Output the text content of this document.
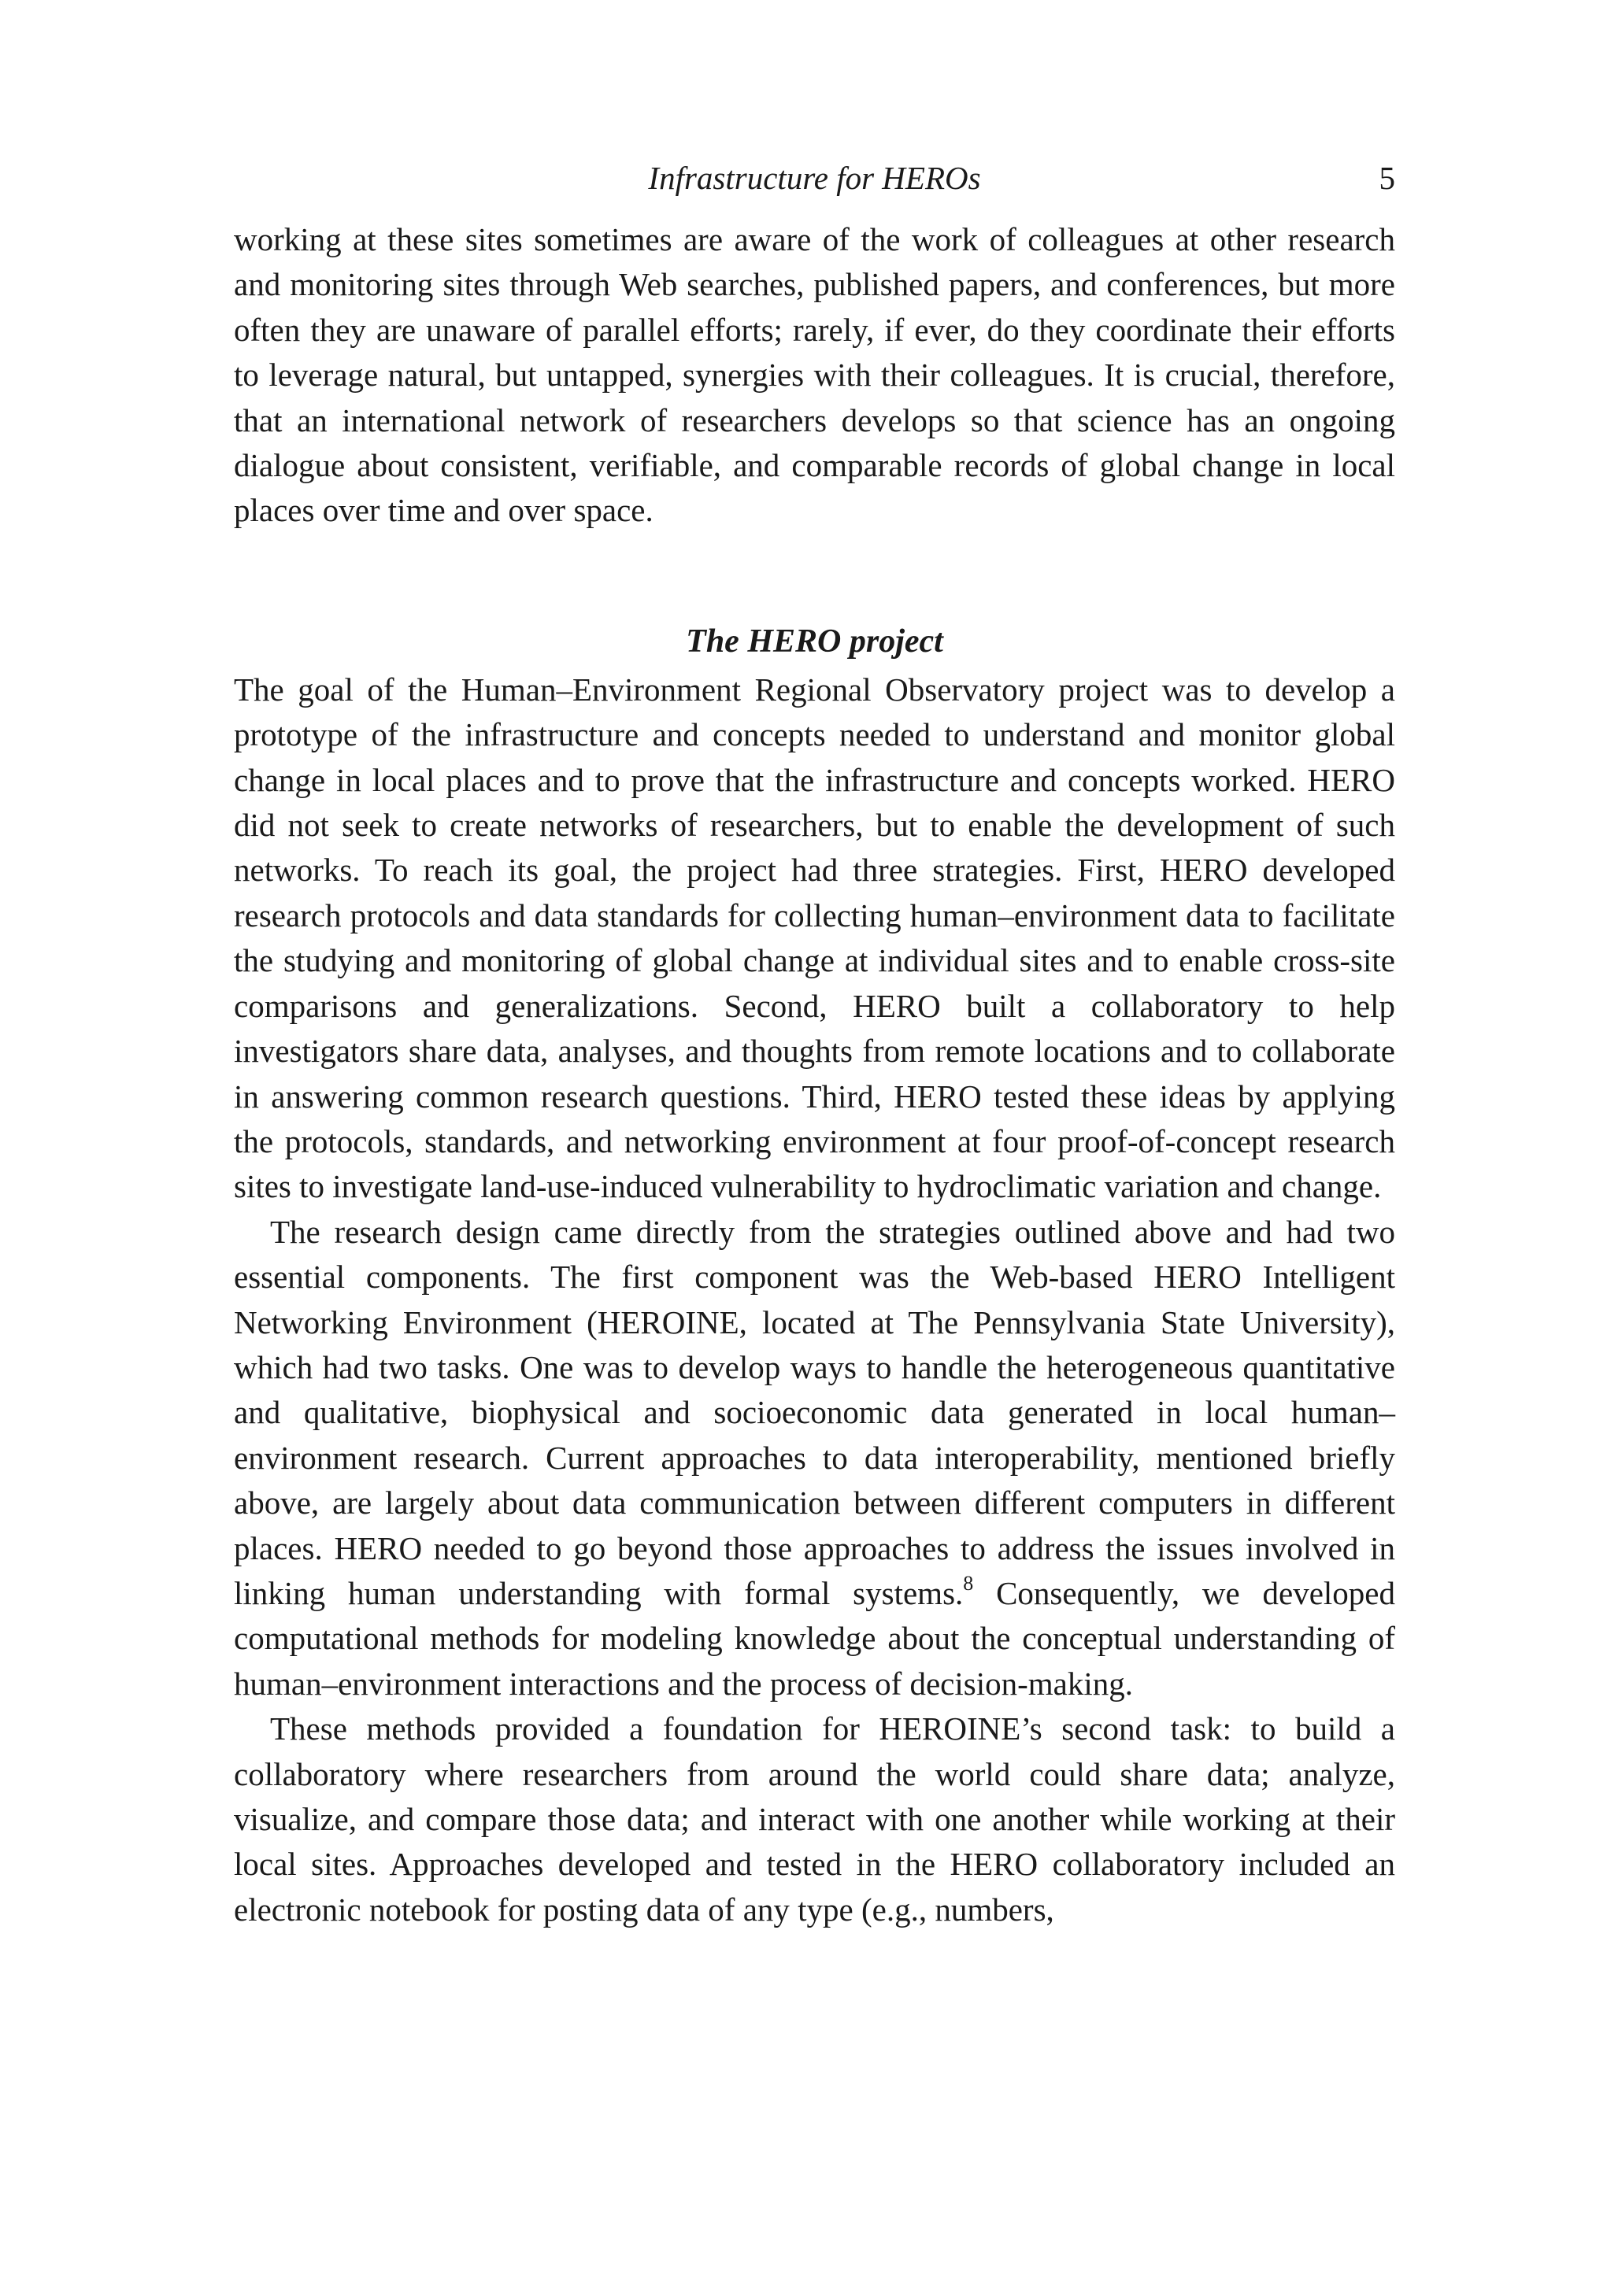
Infrastructure for HEROs	5

working at these sites sometimes are aware of the work of colleagues at other research and monitoring sites through Web searches, published papers, and conferences, but more often they are unaware of parallel efforts; rarely, if ever, do they coordinate their efforts to leverage natural, but untapped, synergies with their colleagues. It is crucial, therefore, that an international network of researchers develops so that science has an ongoing dialogue about consistent, verifiable, and comparable records of global change in local places over time and over space.

The HERO project

The goal of the Human–Environment Regional Observatory project was to develop a prototype of the infrastructure and concepts needed to understand and monitor global change in local places and to prove that the infrastructure and concepts worked. HERO did not seek to create networks of researchers, but to enable the development of such networks. To reach its goal, the project had three strategies. First, HERO developed research protocols and data standards for collecting human–environment data to facilitate the studying and monitoring of global change at individual sites and to enable cross-site comparisons and generalizations. Second, HERO built a collaboratory to help investigators share data, analyses, and thoughts from remote locations and to collaborate in answering common research questions. Third, HERO tested these ideas by applying the protocols, standards, and networking environment at four proof-of-concept research sites to investigate land-use-induced vulnerability to hydroclimatic variation and change.

The research design came directly from the strategies outlined above and had two essential components. The first component was the Web-based HERO Intelligent Networking Environment (HEROINE, located at The Pennsylvania State University), which had two tasks. One was to develop ways to handle the heterogeneous quantitative and qualitative, biophysical and socioeconomic data generated in local human–environment research. Current approaches to data interoperability, mentioned briefly above, are largely about data communication between different computers in different places. HERO needed to go beyond those approaches to address the issues involved in linking human understanding with formal systems.$^8$ Consequently, we developed computational methods for modeling knowledge about the conceptual understanding of human–environment interactions and the process of decision-making.

These methods provided a foundation for HEROINE’s second task: to build a collaboratory where researchers from around the world could share data; analyze, visualize, and compare those data; and interact with one another while working at their local sites. Approaches developed and tested in the HERO collaboratory included an electronic notebook for posting data of any type (e.g., numbers,
